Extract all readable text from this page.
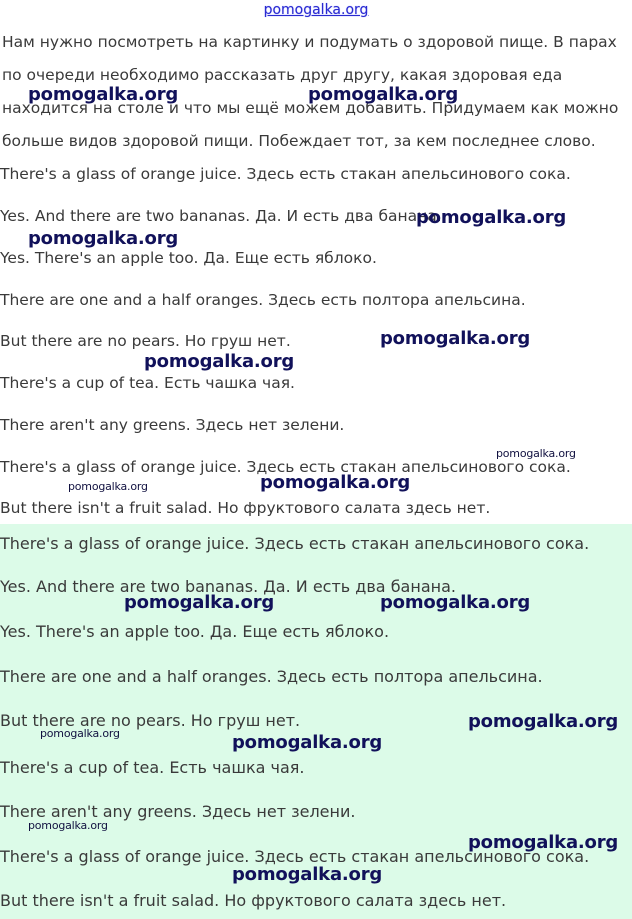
pomogalka.org
Нам нужно посмотреть на картинку и подумать о здоровой пище. В парах по очереди необходимо рассказать друг другу, какая здоровая еда находится на столе и что мы ещё можем добавить. Придумаем как можно больше видов здоровой пищи. Побеждает тот, за кем последнее слово.
There's a glass of orange juice. Здесь есть стакан апельсинового сока.
Yes. And there are two bananas. Да. И есть два банана.
Yes. There's an apple too. Да. Еще есть яблоко.
There are one and a half oranges. Здесь есть полтора апельсина.
But there are no pears. Но груш нет.
There's a cup of tea. Есть чашка чая.
There aren't any greens. Здесь нет зелени.
There's a glass of orange juice. Здесь есть стакан апельсинового сока.
But there isn't a fruit salad. Но фруктового салата здесь нет.
There's a glass of orange juice. Здесь есть стакан апельсинового сока.
Yes. And there are two bananas. Да. И есть два банана.
Yes. There's an apple too. Да. Еще есть яблоко.
There are one and a half oranges. Здесь есть полтора апельсина.
But there are no pears. Но груш нет.
There's a cup of tea. Есть чашка чая.
There aren't any greens. Здесь нет зелени.
There's a glass of orange juice. Здесь есть стакан апельсинового сока.
But there isn't a fruit salad. Но фруктового салата здесь нет.
pomogalka.org	pomogalka.org
pomogalka.org
pomogalka.org
pomogalka.org
pomogalka.org
pomogalka.org
pomogalka.org
pomogalka.org
pomogalka.org	pomogalka.org
pomogalka.org
pomogalka.org	pomogalka.org
pomogalka.org
pomogalka.org
pomogalka.org
